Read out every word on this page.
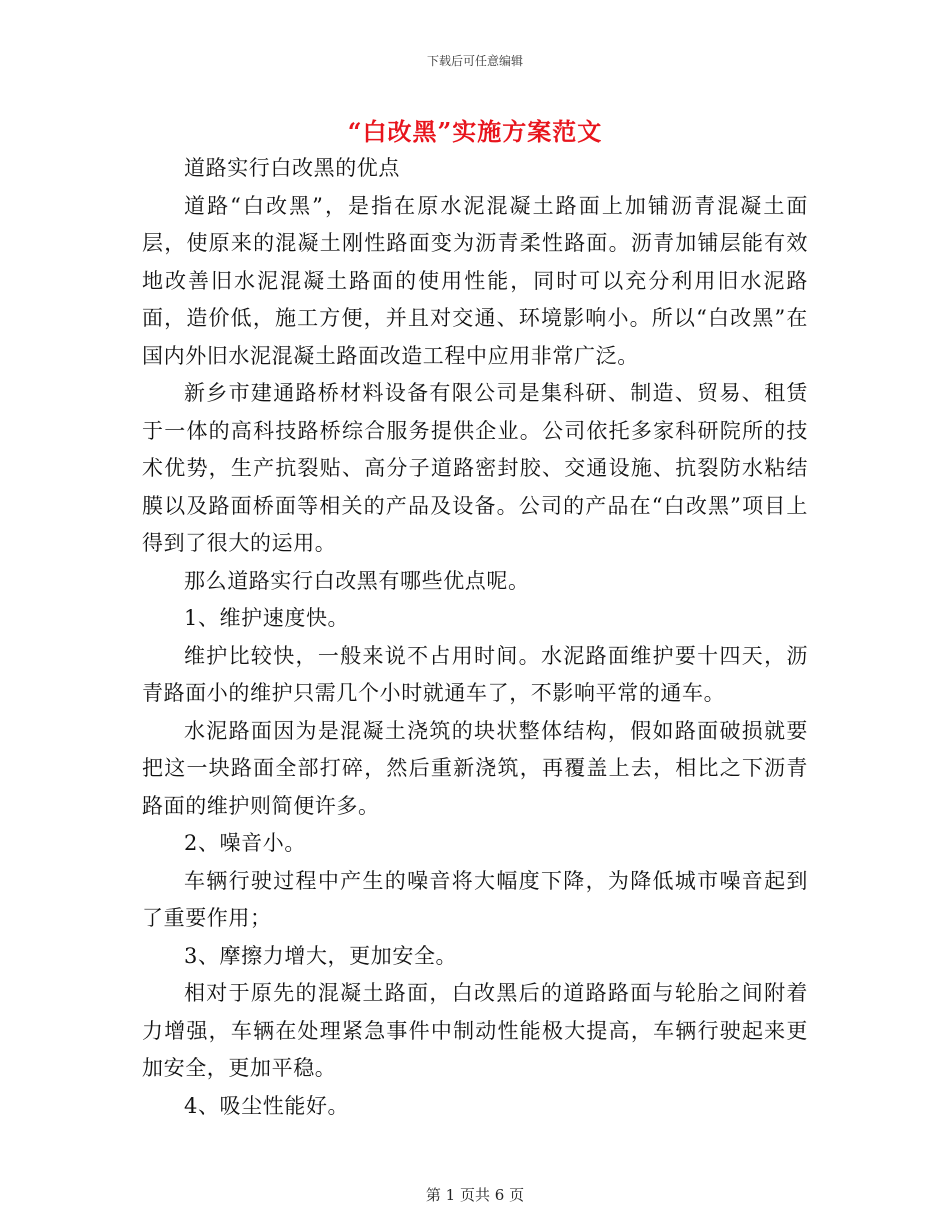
下载后可任意编辑
“白改黑”实施方案范文

道路实行白改黑的优点

道路“白改黑”，是指在原水泥混凝土路面上加铺沥青混凝土面层，使原来的混凝土刚性路面变为沥青柔性路面。沥青加铺层能有效地改善旧水泥混凝土路面的使用性能，同时可以充分利用旧水泥路面，造价低，施工方便，并且对交通、环境影响小。所以“白改黑”在国内外旧水泥混凝土路面改造工程中应用非常广泛。

新乡市建通路桥材料设备有限公司是集科研、制造、贸易、租赁于一体的高科技路桥综合服务提供企业。公司依托多家科研院所的技术优势，生产抗裂贴、高分子道路密封胶、交通设施、抗裂防水粘结膜以及路面桥面等相关的产品及设备。公司的产品在“白改黑”项目上得到了很大的运用。

那么道路实行白改黑有哪些优点呢。

1、维护速度快。

维护比较快，一般来说不占用时间。水泥路面维护要十四天，沥青路面小的维护只需几个小时就通车了，不影响平常的通车。

水泥路面因为是混凝土浇筑的块状整体结构，假如路面破损就要把这一块路面全部打碎，然后重新浇筑，再覆盖上去，相比之下沥青路面的维护则简便许多。

2、噪音小。

车辆行驶过程中产生的噪音将大幅度下降，为降低城市噪音起到了重要作用；

3、摩擦力增大，更加安全。

相对于原先的混凝土路面，白改黑后的道路路面与轮胎之间附着力增强，车辆在处理紧急事件中制动性能极大提高，车辆行驶起来更加安全，更加平稳。

4、吸尘性能好。

第 1 页共 6 页
